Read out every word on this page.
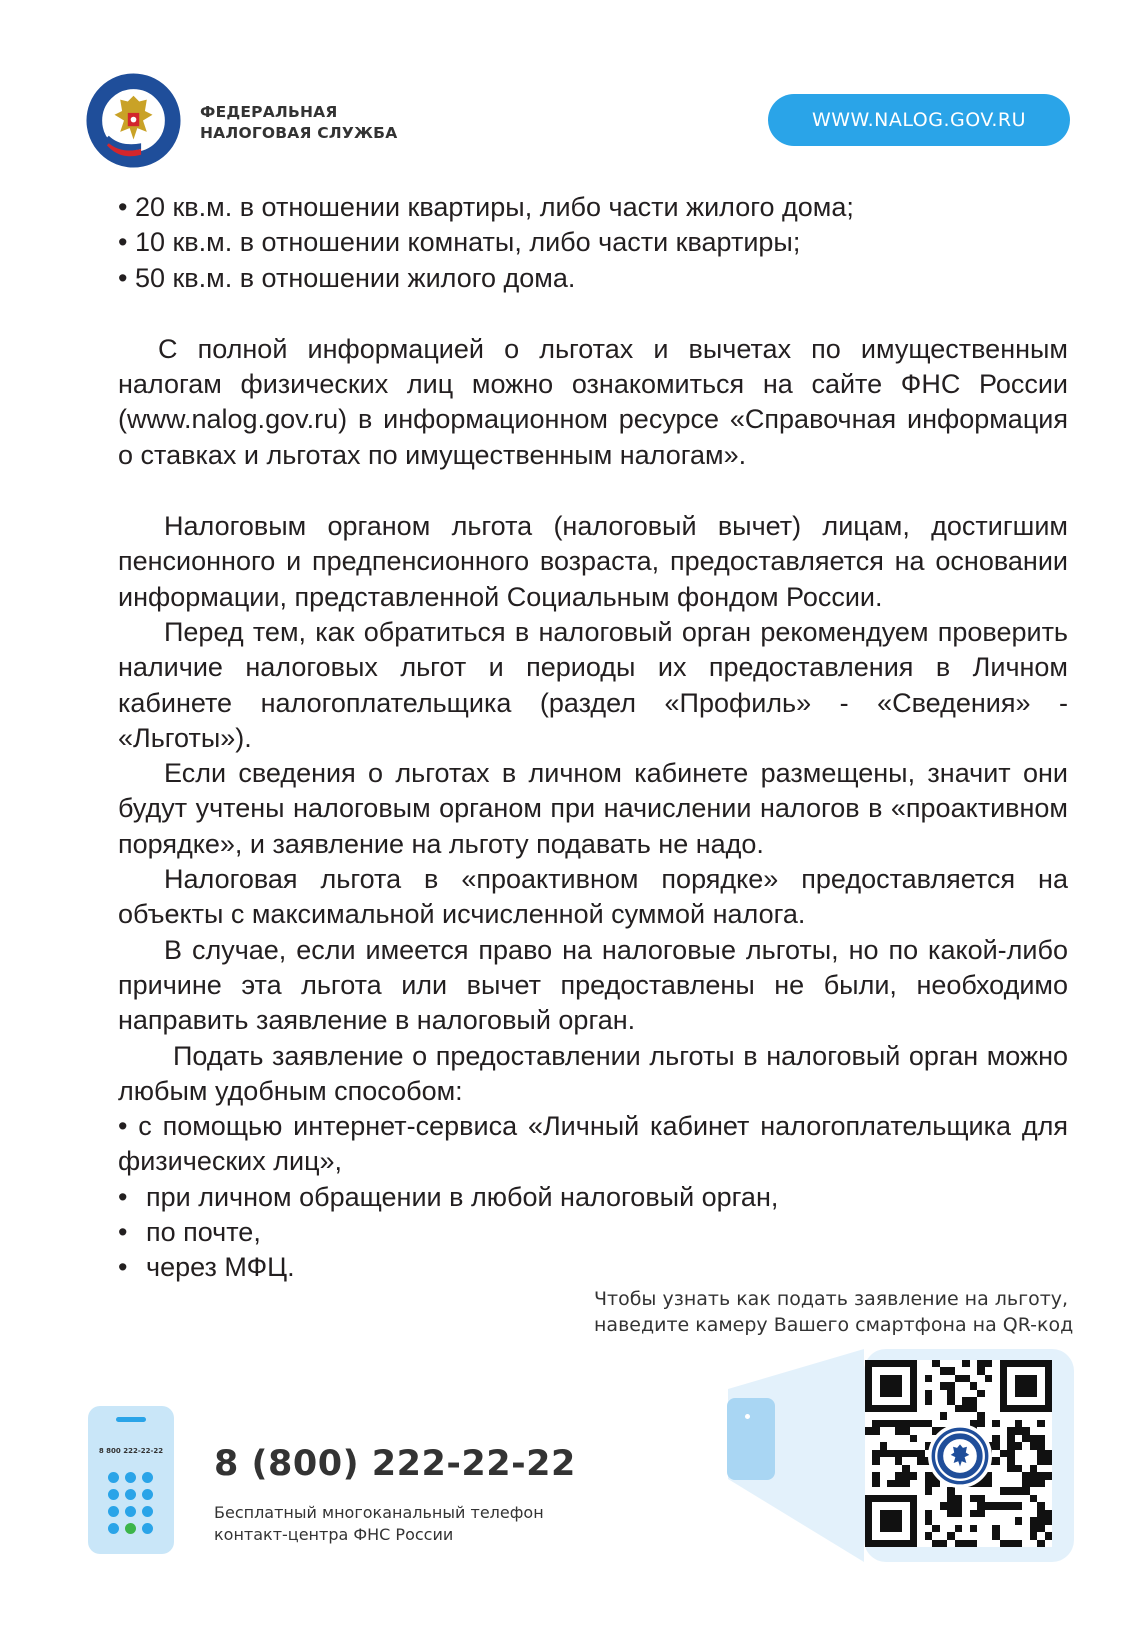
ФЕДЕРАЛЬНАЯ
НАЛОГОВАЯ СЛУЖБА
WWW.NALOG.GOV.RU

• 20 кв.м. в отношении квартиры, либо части жилого дома;

• 10 кв.м. в отношении комнаты, либо части квартиры;

• 50 кв.м. в отношении жилого дома.

С полной информацией о льготах и вычетах по имущественным налогам физических лиц можно ознакомиться на сайте ФНС России (www.nalog.gov.ru) в информационном ресурсе «Справочная информация о ставках и льготах по имущественным налогам».

Налоговым органом льгота (налоговый вычет) лицам, достигшим пенсионного и предпенсионного возраста, предоставляется на основании информации, представленной Социальным фондом России.

Перед тем, как обратиться в налоговый орган рекомендуем проверить наличие налоговых льгот и периоды их предоставления в Личном кабинете налогоплательщика (раздел «Профиль» - «Сведения» - «Льготы»).

Если сведения о льготах в личном кабинете размещены, значит они будут учтены налоговым органом при начислении налогов в «проактивном порядке», и заявление на льготу подавать не надо.

Налоговая льгота в «проактивном порядке» предоставляется на объекты с максимальной исчисленной суммой налога.

В случае, если имеется право на налоговые льготы, но по какой-либо причине эта льгота или вычет предоставлены не были, необходимо направить заявление в налоговый орган.

Подать заявление о предоставлении льготы в налоговый орган можно любым удобным способом:

• с помощью интернет-сервиса «Личный кабинет налогоплательщика для физических лиц»,

• при личном обращении в любой налоговый орган,

• по почте,

• через МФЦ.

Чтобы узнать как подать заявление на льготу, наведите камеру Вашего смартфона на QR-код
8 800 222-22-22	8 (800) 222-22-22
Бесплатный многоканальный телефон контакт-центра ФНС России
